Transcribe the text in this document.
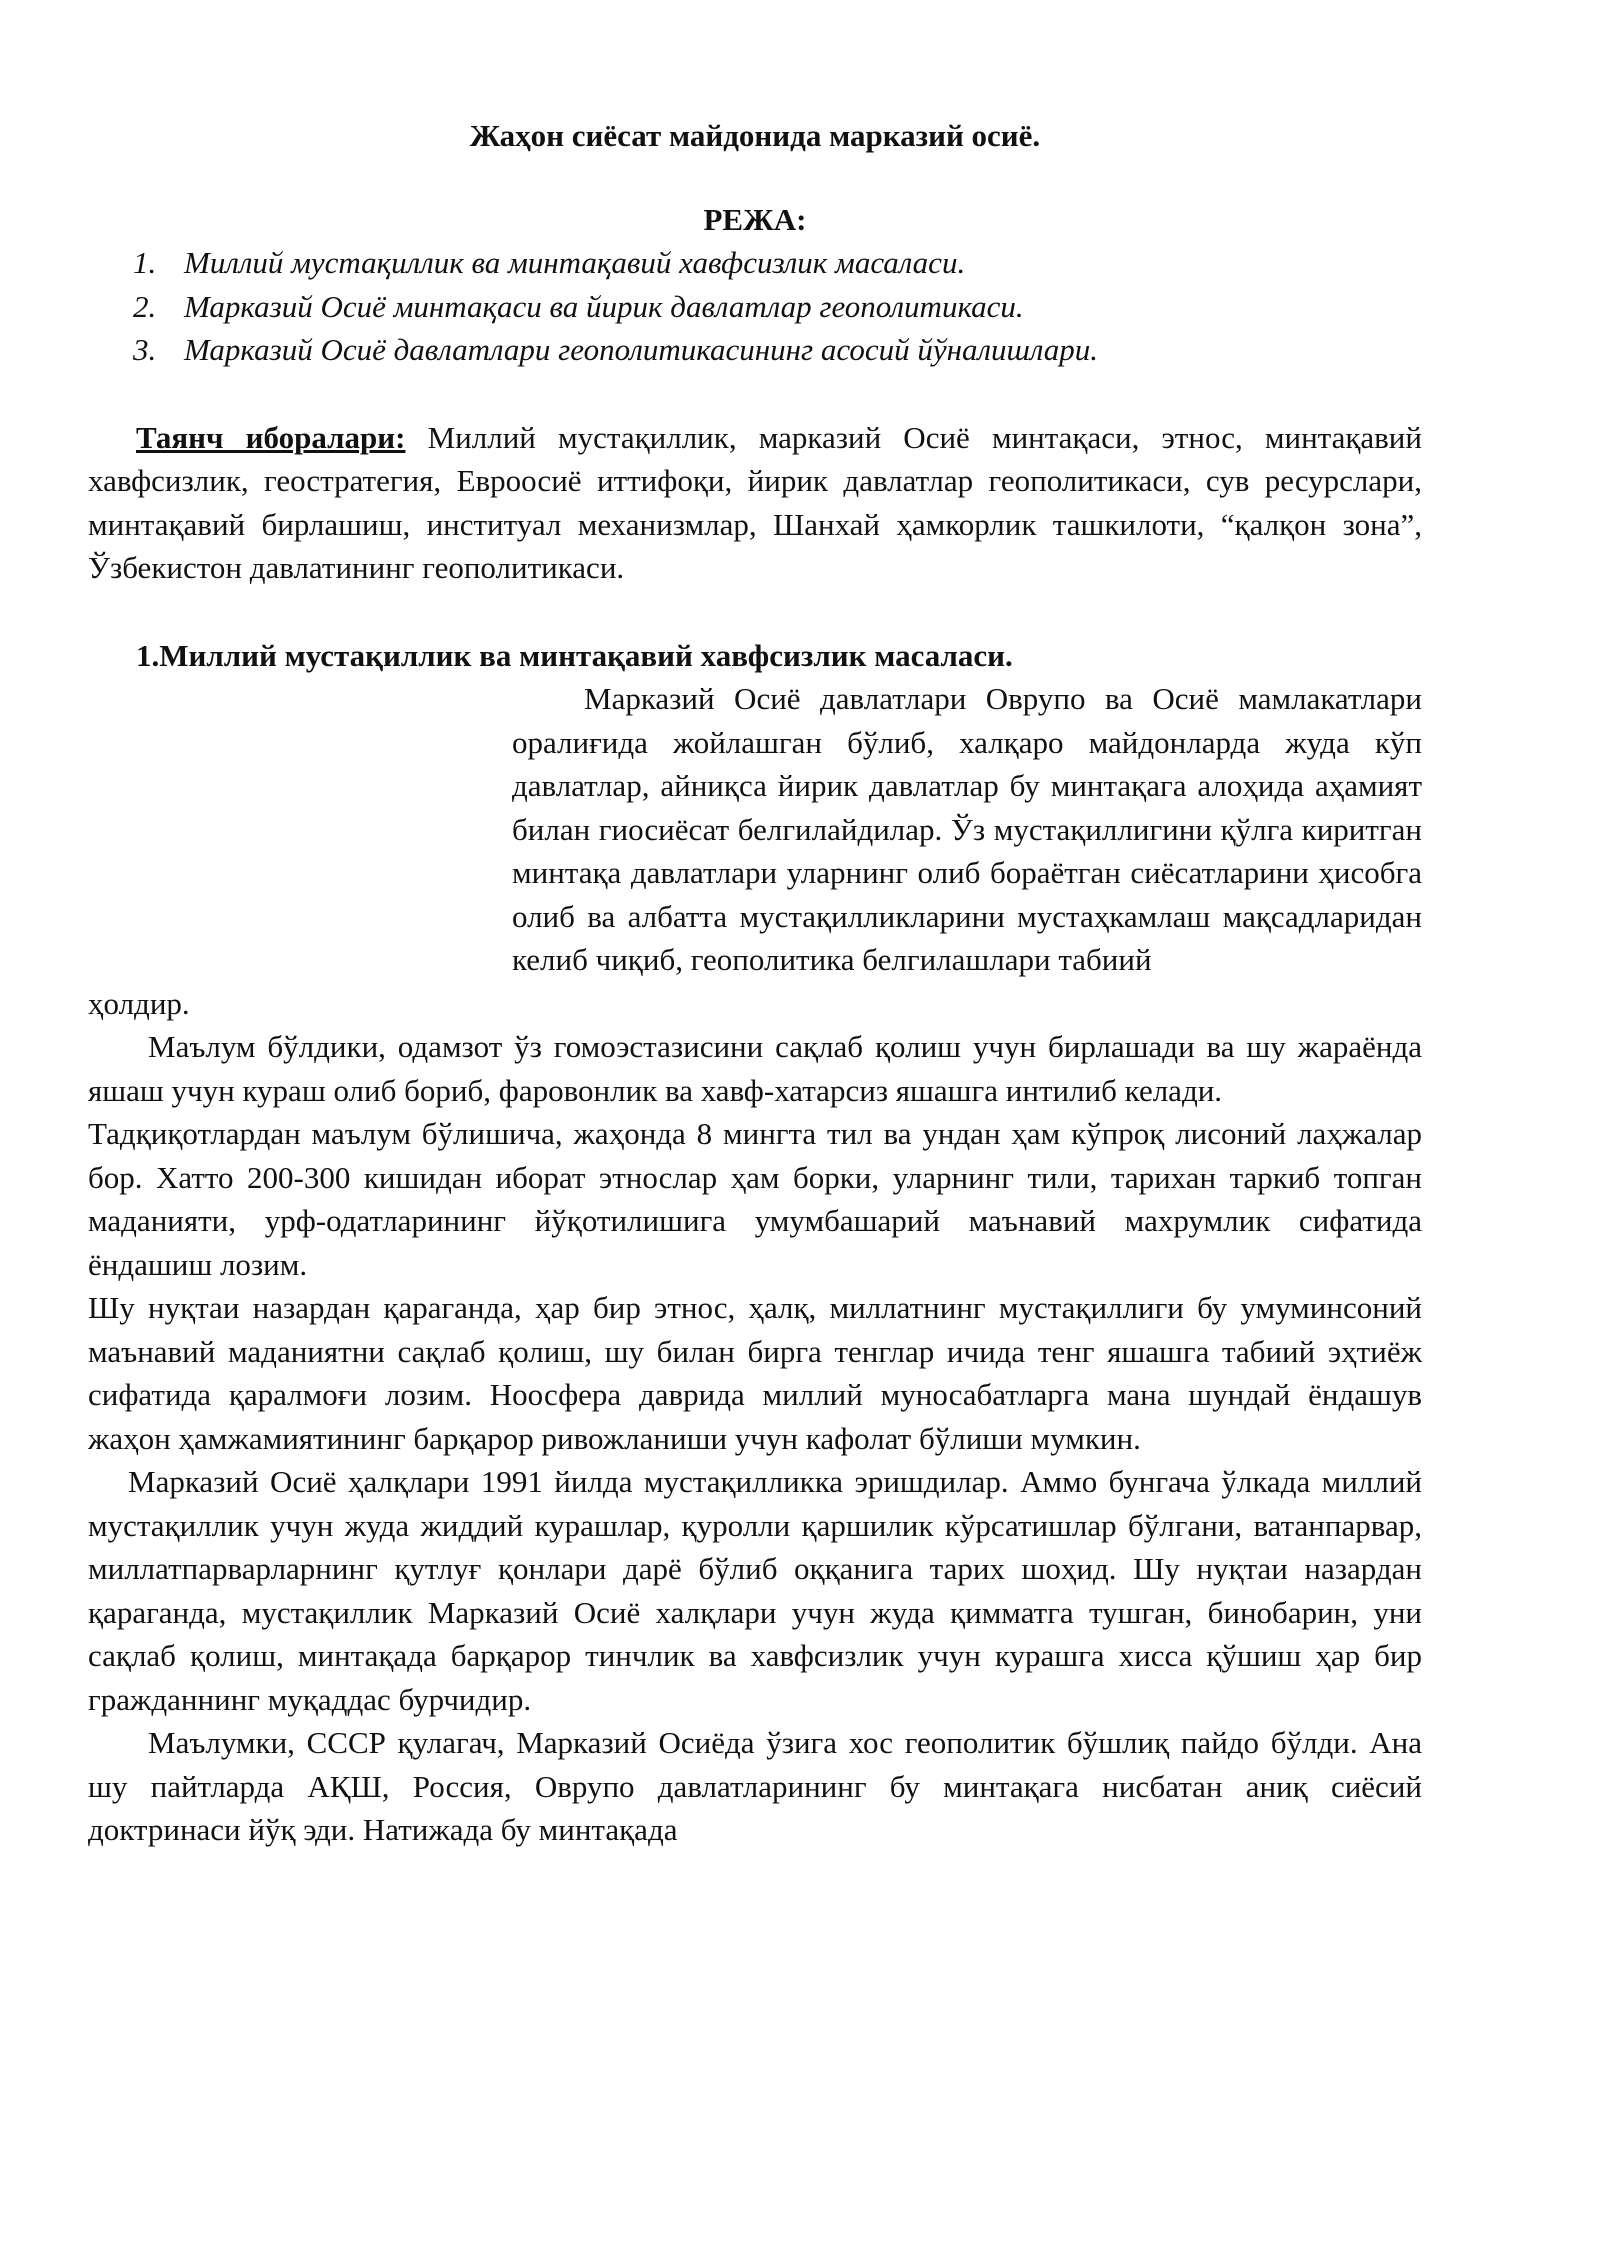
Жаҳон сиёсат майдонида марказий осиё.
РЕЖА:
1. Миллий мустақиллик ва минтақавий хавфсизлик масаласи.
2. Марказий Осиё минтақаси ва йирик давлатлар геополитикаси.
3. Марказий Осиё давлатлари геополитикасининг асосий йўналишлари.

Таянч иборалари: Миллий мустақиллик, марказий Осиё минтақаси, этнос, минтақавий хавфсизлик, геостратегия, Евроосиё иттифоқи, йирик давлатлар геополитикаси, сув ресурслари, минтақавий бирлашиш, институал механизмлар, Шанхай ҳамкорлик ташкилоти, “қалқон зона”, Ўзбекистон давлатининг геополитикаси.

1.Миллий мустақиллик ва минтақавий хавфсизлик масаласи.

Марказий Осиё давлатлари Оврупо ва Осиё мамлакатлари оралиғида жойлашган бўлиб, халқаро майдонларда жуда кўп давлатлар, айниқса йирик давлатлар бу минтақага алоҳида аҳамият билан гиосиёсат белгилайдилар. Ўз мустақиллигини қўлга киритган минтақа давлатлари уларнинг олиб бораётган сиёсатларини ҳисобга олиб ва албатта мустақилликларини мустаҳкамлаш мақсадларидан келиб чиқиб, геополитика белгилашлари табиий

ҳолдир.

Маълум бўлдики, одамзот ўз гомоэстазисини сақлаб қолиш учун бирлашади ва шу жараёнда яшаш учун кураш олиб бориб, фаровонлик ва хавф-хатарсиз яшашга интилиб келади.

Тадқиқотлардан маълум бўлишича, жаҳонда 8 мингта тил ва ундан ҳам кўпроқ лисоний лаҳжалар бор. Хатто 200-300 кишидан иборат этнослар ҳам борки, уларнинг тили, тарихан таркиб топган маданияти, урф-одатларининг йўқотилишига умумбашарий маънавий махрумлик сифатида ёндашиш лозим.

Шу нуқтаи назардан қараганда, ҳар бир этнос, ҳалқ, миллатнинг мустақиллиги бу умуминсоний маънавий маданиятни сақлаб қолиш, шу билан бирга тенглар ичида тенг яшашга табиий эҳтиёж сифатида қаралмоғи лозим. Ноосфера даврида миллий муносабатларга мана шундай ёндашув жаҳон ҳамжамиятининг барқарор ривожланиши учун кафолат бўлиши мумкин.

Марказий Осиё ҳалқлари 1991 йилда мустақилликка эришдилар. Аммо бунгача ўлкада миллий мустақиллик учун жуда жиддий курашлар, қуролли қаршилик кўрсатишлар бўлгани, ватанпарвар, миллатпарварларнинг қутлуғ қонлари дарё бўлиб оққанига тарих шоҳид. Шу нуқтаи назардан қараганда, мустақиллик Марказий Осиё халқлари учун жуда қимматга тушган, бинобарин, уни сақлаб қолиш, минтақада барқарор тинчлик ва хавфсизлик учун курашга хисса қўшиш ҳар бир гражданнинг муқаддас бурчидир.

Маълумки, СССР қулагач, Марказий Осиёда ўзига хос геополитик бўшлиқ пайдо бўлди. Ана шу пайтларда АҚШ, Россия, Оврупо давлатларининг бу минтақага нисбатан аниқ сиёсий доктринаси йўқ эди. Натижада бу минтақада
